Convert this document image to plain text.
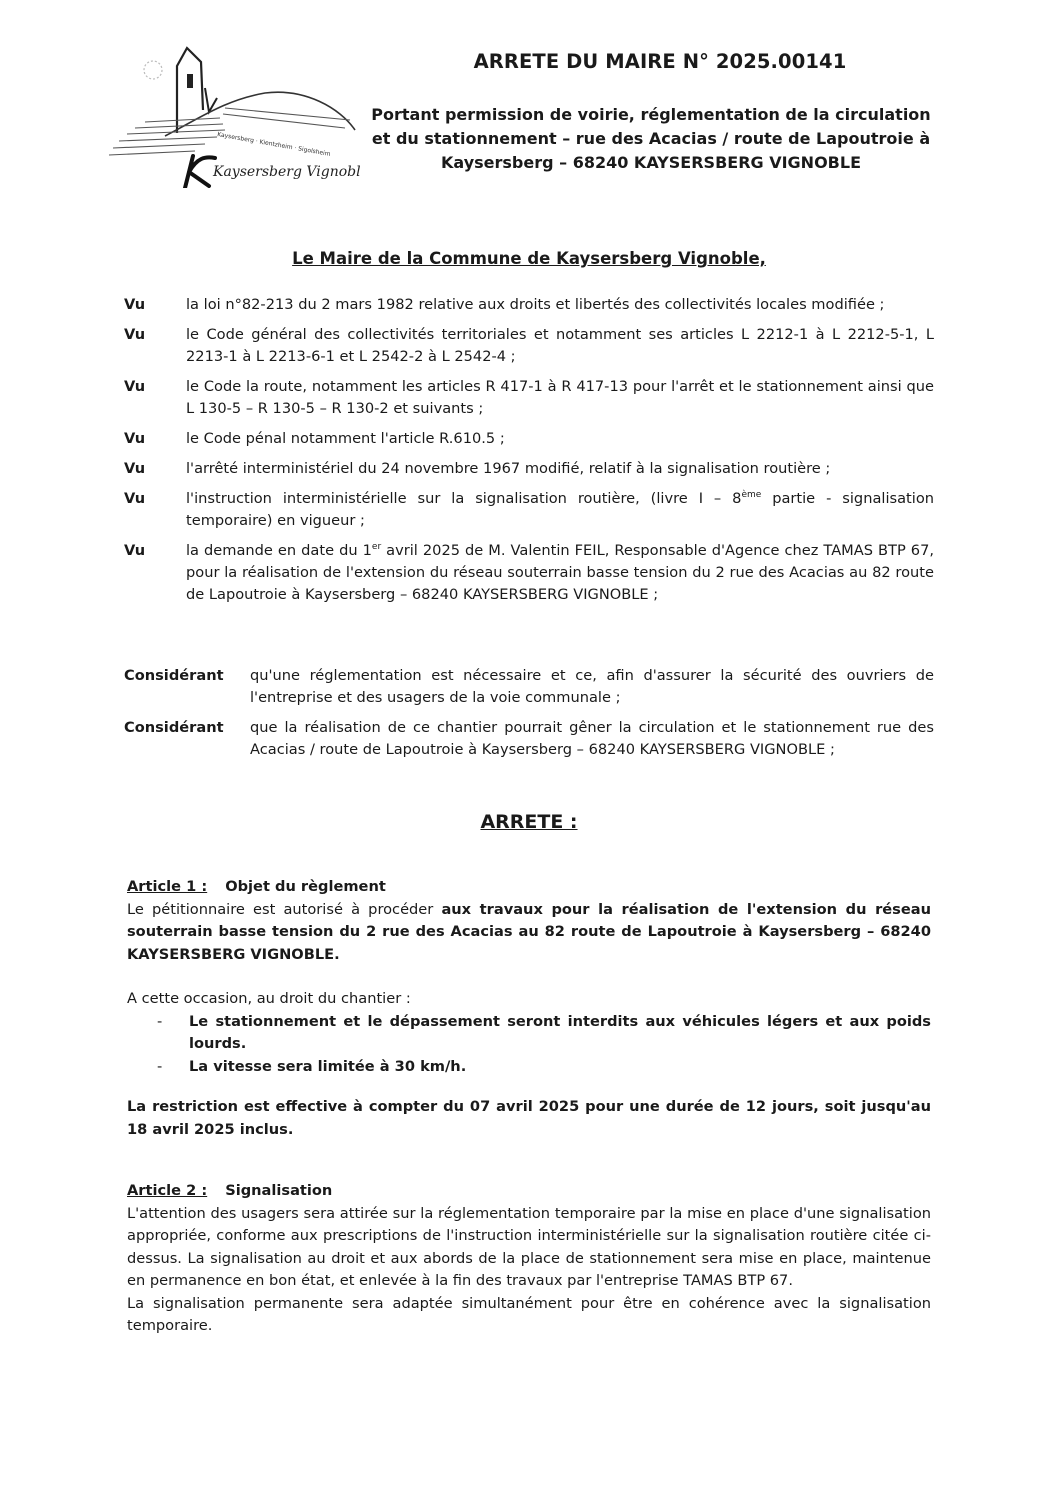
Kaysersberg · Kientzheim · Sigolsheim
Kaysersberg Vignoble
ARRETE DU MAIRE N° 2025.00141
Portant permission de voirie, réglementation de la circulation
et du stationnement – rue des Acacias / route de Lapoutroie à
Kaysersberg – 68240 KAYSERSBERG VIGNOBLE
Le Maire de la Commune de Kaysersberg Vignoble,
Vu	la loi n°82-213 du 2 mars 1982 relative aux droits et libertés des collectivités locales modifiée ;
Vu	le Code général des collectivités territoriales et notamment ses articles L 2212-1 à L 2212-5-1, L 2213-1 à L 2213-6-1 et L 2542-2 à L 2542-4 ;
Vu	le Code la route, notamment les articles R 417-1 à R 417-13 pour l'arrêt et le stationnement ainsi que L 130-5 – R 130-5 – R 130-2 et suivants ;
Vu	le Code pénal notamment l'article R.610.5 ;
Vu	l'arrêté interministériel du 24 novembre 1967 modifié, relatif à la signalisation routière ;
Vu	l'instruction interministérielle sur la signalisation routière, (livre I – 8ème partie - signalisation temporaire) en vigueur ;
Vu	la demande en date du 1er avril 2025 de M. Valentin FEIL, Responsable d'Agence chez TAMAS BTP 67, pour la réalisation de l'extension du réseau souterrain basse tension du 2 rue des Acacias au 82 route de Lapoutroie à Kaysersberg – 68240 KAYSERSBERG VIGNOBLE ;
Considérant	qu'une réglementation est nécessaire et ce, afin d'assurer la sécurité des ouvriers de l'entreprise et des usagers de la voie communale ;
Considérant	que la réalisation de ce chantier pourrait gêner la circulation et le stationnement rue des Acacias / route de Lapoutroie à Kaysersberg – 68240 KAYSERSBERG VIGNOBLE ;
ARRETE :
Article 1 : Objet du règlement
Le pétitionnaire est autorisé à procéder aux travaux pour la réalisation de l'extension du réseau souterrain basse tension du 2 rue des Acacias au 82 route de Lapoutroie à Kaysersberg – 68240 KAYSERSBERG VIGNOBLE.
A cette occasion, au droit du chantier :
-	Le stationnement et le dépassement seront interdits aux véhicules légers et aux poids lourds.
-	La vitesse sera limitée à 30 km/h.
La restriction est effective à compter du 07 avril 2025 pour une durée de 12 jours, soit jusqu'au 18 avril 2025 inclus.
Article 2 : Signalisation
L'attention des usagers sera attirée sur la réglementation temporaire par la mise en place d'une signalisation appropriée, conforme aux prescriptions de l'instruction interministérielle sur la signalisation routière citée ci-dessus. La signalisation au droit et aux abords de la place de stationnement sera mise en place, maintenue en permanence en bon état, et enlevée à la fin des travaux par l'entreprise TAMAS BTP 67.
La signalisation permanente sera adaptée simultanément pour être en cohérence avec la signalisation temporaire.
